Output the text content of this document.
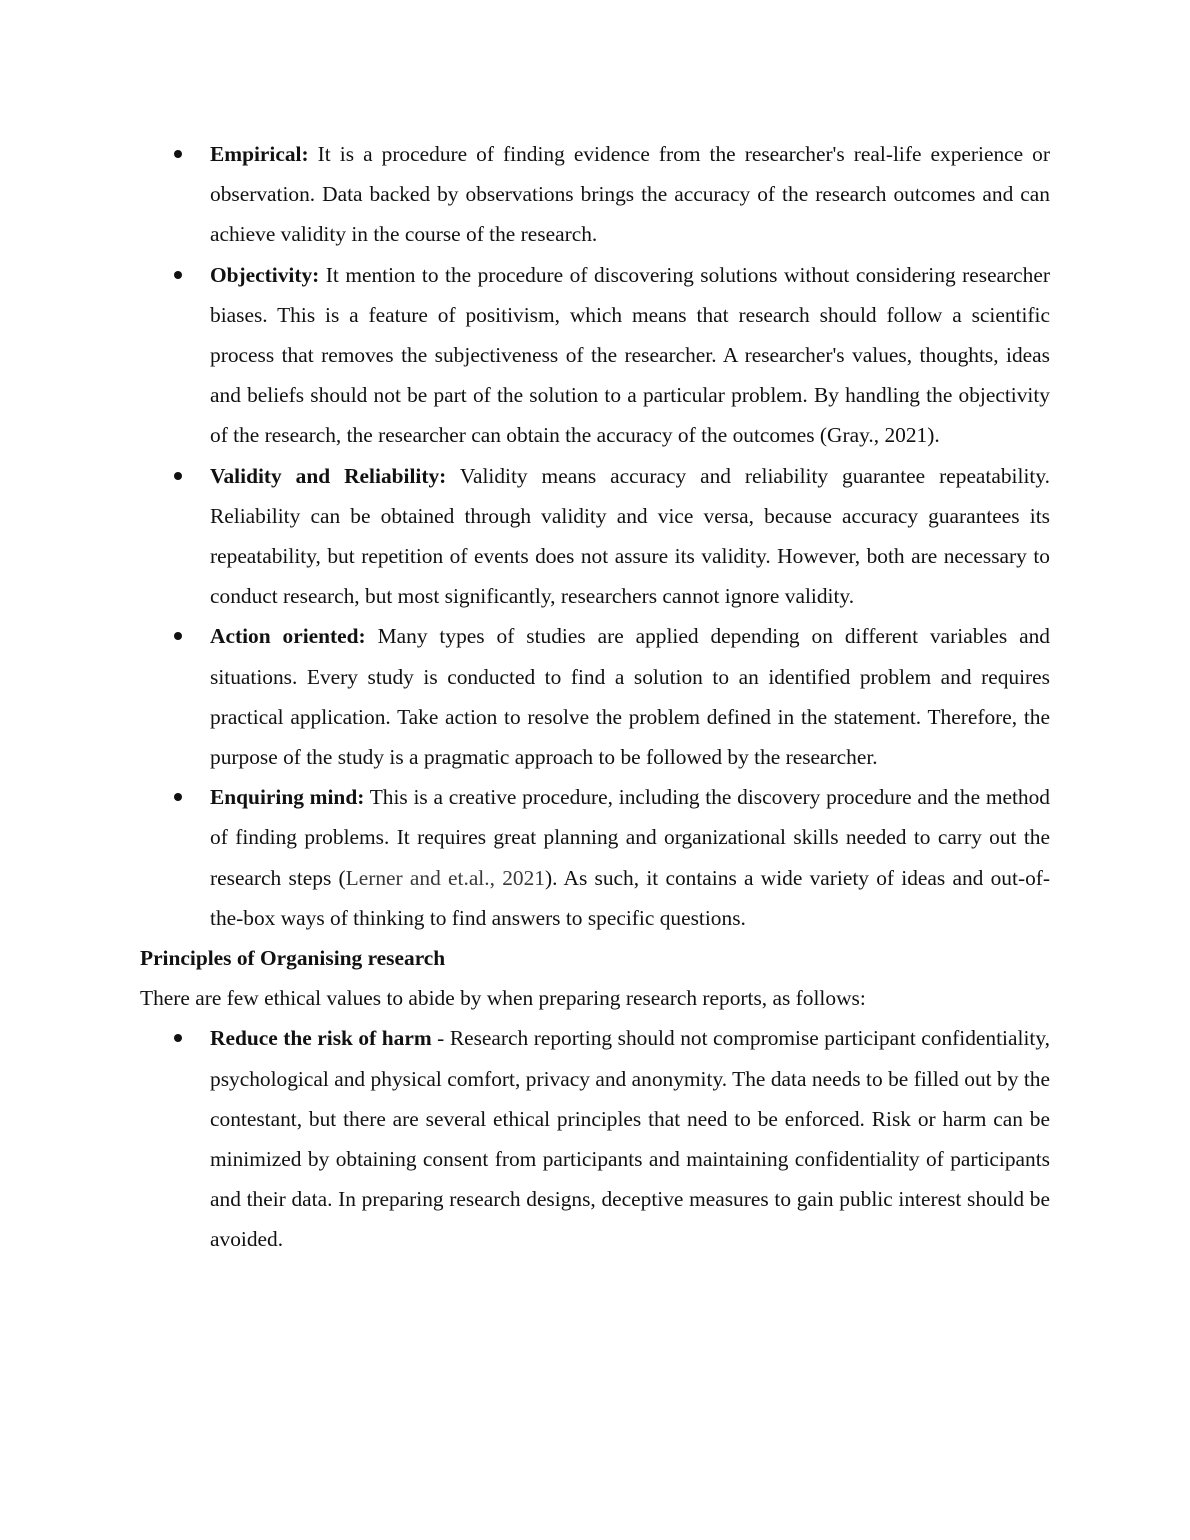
Empirical: It is a procedure of finding evidence from the researcher's real-life experience or observation. Data backed by observations brings the accuracy of the research outcomes and can achieve validity in the course of the research.
Objectivity: It mention to the procedure of discovering solutions without considering researcher biases. This is a feature of positivism, which means that research should follow a scientific process that removes the subjectiveness of the researcher. A researcher's values, thoughts, ideas and beliefs should not be part of the solution to a particular problem. By handling the objectivity of the research, the researcher can obtain the accuracy of the outcomes (Gray., 2021).
Validity and Reliability: Validity means accuracy and reliability guarantee repeatability. Reliability can be obtained through validity and vice versa, because accuracy guarantees its repeatability, but repetition of events does not assure its validity. However, both are necessary to conduct research, but most significantly, researchers cannot ignore validity.
Action oriented: Many types of studies are applied depending on different variables and situations. Every study is conducted to find a solution to an identified problem and requires practical application. Take action to resolve the problem defined in the statement. Therefore, the purpose of the study is a pragmatic approach to be followed by the researcher.
Enquiring mind: This is a creative procedure, including the discovery procedure and the method of finding problems. It requires great planning and organizational skills needed to carry out the research steps (Lerner and et.al., 2021). As such, it contains a wide variety of ideas and out-of-the-box ways of thinking to find answers to specific questions.

Principles of Organising research

There are few ethical values to abide by when preparing research reports, as follows:

Reduce the risk of harm - Research reporting should not compromise participant confidentiality, psychological and physical comfort, privacy and anonymity. The data needs to be filled out by the contestant, but there are several ethical principles that need to be enforced. Risk or harm can be minimized by obtaining consent from participants and maintaining confidentiality of participants and their data. In preparing research designs, deceptive measures to gain public interest should be avoided.
